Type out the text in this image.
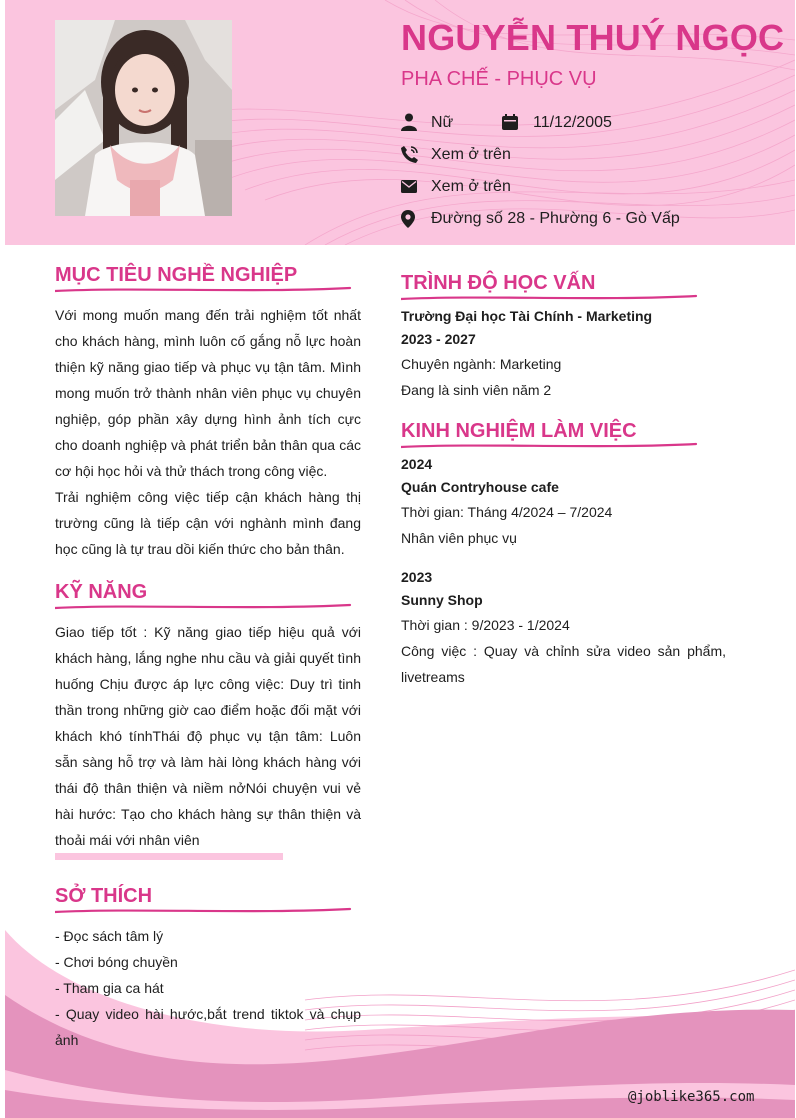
NGUYỄN THUÝ NGỌC
PHA CHẾ - PHỤC VỤ
Nữ	11/12/2005
Xem ở trên
Xem ở trên
Đường số 28 - Phường 6 - Gò Vấp
MỤC TIÊU NGHỀ NGHIỆP

Với mong muốn mang đến trải nghiệm tốt nhất cho khách hàng, mình luôn cố gắng nỗ lực hoàn thiện kỹ năng giao tiếp và phục vụ tận tâm. Mình mong muốn trở thành nhân viên phục vụ chuyên nghiệp, góp phần xây dựng hình ảnh tích cực cho doanh nghiệp và phát triển bản thân qua các cơ hội học hỏi và thử thách trong công việc.

Trải nghiệm công việc tiếp cận khách hàng thị trường cũng là tiếp cận với nghành mình đang học cũng là tự trau dồi kiến thức cho bản thân.

KỸ NĂNG
Giao tiếp tốt : Kỹ năng giao tiếp hiệu quả với khách hàng, lắng nghe nhu cầu và giải quyết tình huống Chịu được áp lực công việc: Duy trì tinh thần trong những giờ cao điểm hoặc đối mặt với khách khó tínhThái độ phục vụ tận tâm: Luôn sẵn sàng hỗ trợ và làm hài lòng khách hàng với thái độ thân thiện và niềm nởNói chuyện vui vẻ hài hước: Tạo cho khách hàng sự thân thiện và thoải mái với nhân viên
SỞ THÍCH
- Đọc sách tâm lý
- Chơi bóng chuyền
- Tham gia ca hát
- Quay video hài hước,bắt trend tiktok và chụp ảnh
TRÌNH ĐỘ HỌC VẤN
Trường Đại học Tài Chính - Marketing
2023 - 2027
Chuyên ngành: Marketing
Đang là sinh viên năm 2
KINH NGHIỆM LÀM VIỆC
2024
Quán Contryhouse cafe
Thời gian: Tháng 4/2024 – 7/2024
Nhân viên phục vụ
2023
Sunny Shop
Thời gian : 9/2023 - 1/2024
Công việc : Quay và chỉnh sửa video sản phẩm, livetreams
@joblike365.com
